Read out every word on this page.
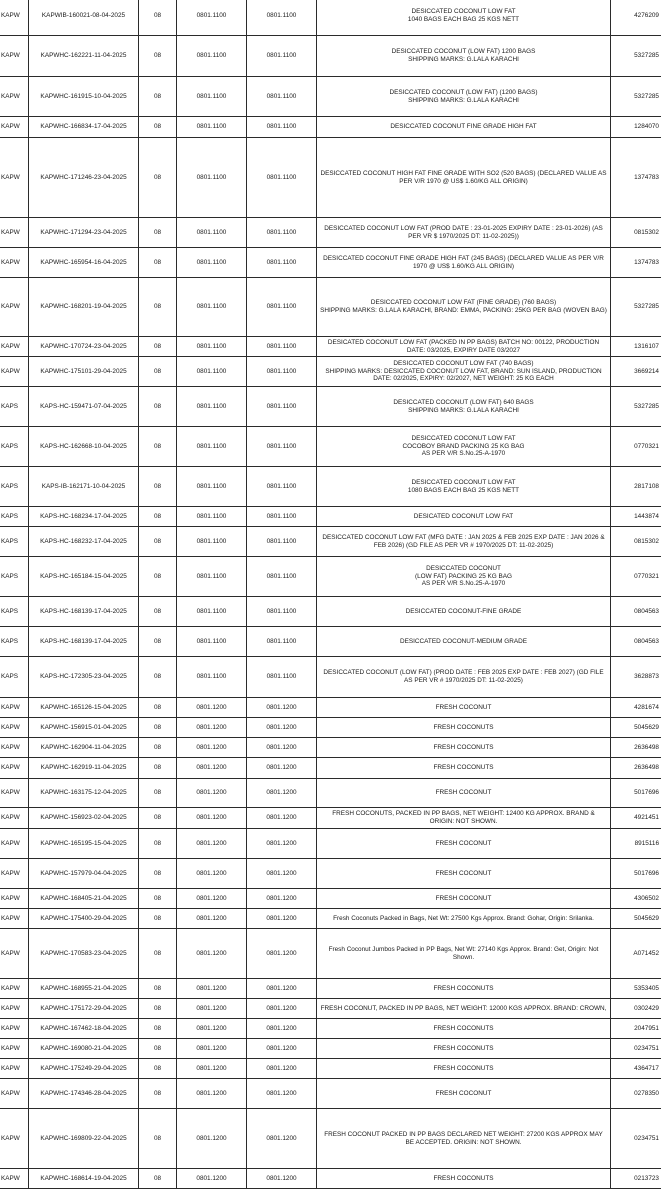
KAPW	KAPWIB-160021-08-04-2025	08	0801.1100	0801.1100	DESICCATED COCONUT LOW FAT
1040 BAGS EACH BAG 25 KGS NETT	4276209
KAPW	KAPWHC-162221-11-04-2025	08	0801.1100	0801.1100	DESICCATED COCONUT (LOW FAT) 1200 BAGS
SHIPPING MARKS: G.LALA KARACHI	5327285
KAPW	KAPWHC-161915-10-04-2025	08	0801.1100	0801.1100	DESICCATED COCONUT (LOW FAT) (1200 BAGS)
SHIPPING MARKS: G.LALA KARACHI	5327285
KAPW	KAPWHC-166834-17-04-2025	08	0801.1100	0801.1100	DESICCATED COCONUT FINE GRADE HIGH FAT	1284070
KAPW	KAPWHC-171246-23-04-2025	08	0801.1100	0801.1100	DESICCATED COCONUT HIGH FAT FINE GRADE WITH SO2 (520 BAGS) (DECLARED VALUE AS PER V/R 1970 @ US$ 1.60/KG ALL ORIGIN)	1374783
KAPW	KAPWHC-171294-23-04-2025	08	0801.1100	0801.1100	DESICCATED COCONUT LOW FAT (PROD DATE : 23-01-2025 EXPIRY DATE : 23-01-2026) (AS PER VR $ 1970/2025 DT: 11-02-2025))	0815302
KAPW	KAPWHC-165954-16-04-2025	08	0801.1100	0801.1100	DESICCATED COCONUT FINE GRADE HIGH FAT (245 BAGS) (DECLARED VALUE AS PER V/R 1970 @ US$ 1.60/KG ALL ORIGIN)	1374783
KAPW	KAPWHC-168201-19-04-2025	08	0801.1100	0801.1100	DESICCATED COCONUT LOW FAT (FINE GRADE) (760 BAGS)
SHIPPING MARKS: G.LALA KARACHI, BRAND: EMMA, PACKING: 25KG PER BAG (WOVEN BAG)	5327285
KAPW	KAPWHC-170724-23-04-2025	08	0801.1100	0801.1100	DESICATED COCONUT LOW FAT (PACKED IN PP BAGS) BATCH NO: 00122, PRODUCTION DATE: 03/2025, EXPIRY DATE 03/2027	1316107
KAPW	KAPWHC-175101-29-04-2025	08	0801.1100	0801.1100	DESICCATED COCONUT LOW FAT (740 BAGS)
SHIPPING MARKS: DESICCATED COCONUT LOW FAT, BRAND: SUN ISLAND, PRODUCTION DATE: 02/2025, EXPIRY: 02/2027, NET WEIGHT: 25 KG EACH	3669214
KAPS	KAPS-HC-159471-07-04-2025	08	0801.1100	0801.1100	DESICCATED COCONUT (LOW FAT) 640 BAGS
SHIPPING MARKS: G.LALA KARACHI	5327285
KAPS	KAPS-HC-162668-10-04-2025	08	0801.1100	0801.1100	DESICCATED COCONUT LOW FAT
COCOBOY BRAND PACKING 25 KG BAG
AS PER V/R S.No.25-A-1970	0770321
KAPS	KAPS-IB-162171-10-04-2025	08	0801.1100	0801.1100	DESICCATED COCONUT LOW FAT
1080 BAGS EACH BAG 25 KGS NETT	2817108
KAPS	KAPS-HC-168234-17-04-2025	08	0801.1100	0801.1100	DESICATED COCONUT LOW FAT	1443874
KAPS	KAPS-HC-168232-17-04-2025	08	0801.1100	0801.1100	DESICCATED COCONUT LOW FAT (MFG DATE : JAN 2025 & FEB 2025 EXP DATE : JAN 2026 & FEB 2026) (GD FILE AS PER VR # 1970/2025 DT: 11-02-2025)	0815302
KAPS	KAPS-HC-165184-15-04-2025	08	0801.1100	0801.1100	DESICCATED COCONUT
(LOW FAT) PACKING 25 KG BAG
AS PER V/R S.No.25-A-1970	0770321
KAPS	KAPS-HC-168139-17-04-2025	08	0801.1100	0801.1100	DESICCATED COCONUT-FINE GRADE	0804563
KAPS	KAPS-HC-168139-17-04-2025	08	0801.1100	0801.1100	DESICCATED COCONUT-MEDIUM GRADE	0804563
KAPS	KAPS-HC-172305-23-04-2025	08	0801.1100	0801.1100	DESICCATED COCONUT (LOW FAT) (PROD DATE : FEB 2025 EXP DATE : FEB 2027) (GD FILE AS PER VR # 1970/2025 DT: 11-02-2025)	3628873
KAPW	KAPWHC-165126-15-04-2025	08	0801.1200	0801.1200	FRESH COCONUT	4281674
KAPW	KAPWHC-156915-01-04-2025	08	0801.1200	0801.1200	FRESH COCONUTS	5045629
KAPW	KAPWHC-162904-11-04-2025	08	0801.1200	0801.1200	FRESH COCONUTS	2636498
KAPW	KAPWHC-162919-11-04-2025	08	0801.1200	0801.1200	FRESH COCONUTS	2636498
KAPW	KAPWHC-163175-12-04-2025	08	0801.1200	0801.1200	FRESH COCONUT	5017696
KAPW	KAPWHC-156923-02-04-2025	08	0801.1200	0801.1200	FRESH COCONUTS, PACKED IN PP BAGS, NET WEIGHT: 12400 KG APPROX. BRAND & ORIGIN: NOT SHOWN.	4921451
KAPW	KAPWHC-165195-15-04-2025	08	0801.1200	0801.1200	FRESH COCONUT	8915116
KAPW	KAPWHC-157979-04-04-2025	08	0801.1200	0801.1200	FRESH COCONUT	5017696
KAPW	KAPWHC-168405-21-04-2025	08	0801.1200	0801.1200	FRESH COCONUT	4306502
KAPW	KAPWHC-175400-29-04-2025	08	0801.1200	0801.1200	Fresh Coconuts Packed in Bags, Net Wt: 27500 Kgs Approx. Brand: Gohar, Origin: Srilanka.	5045629
KAPW	KAPWHC-170583-23-04-2025	08	0801.1200	0801.1200	Fresh Coconut Jumbos Packed in PP Bags, Net Wt: 27140 Kgs Approx. Brand: Get, Origin: Not Shown.	A071452
KAPW	KAPWHC-168955-21-04-2025	08	0801.1200	0801.1200	FRESH COCONUTS	5353405
KAPW	KAPWHC-175172-29-04-2025	08	0801.1200	0801.1200	FRESH COCONUT, PACKED IN PP BAGS, NET WEIGHT: 12000 KGS APPROX. BRAND: CROWN,	0302429
KAPW	KAPWHC-167462-18-04-2025	08	0801.1200	0801.1200	FRESH COCONUTS	2047951
KAPW	KAPWHC-169080-21-04-2025	08	0801.1200	0801.1200	FRESH COCONUTS	0234751
KAPW	KAPWHC-175249-29-04-2025	08	0801.1200	0801.1200	FRESH COCONUTS	4364717
KAPW	KAPWHC-174346-28-04-2025	08	0801.1200	0801.1200	FRESH COCONUT	0278350
KAPW	KAPWHC-169809-22-04-2025	08	0801.1200	0801.1200	FRESH COCONUT PACKED IN PP BAGS DECLARED NET WEIGHT: 27200 KGS APPROX MAY BE ACCEPTED. ORIGIN: NOT SHOWN.	0234751
KAPW	KAPWHC-168614-19-04-2025	08	0801.1200	0801.1200	FRESH COCONUTS	0213723
